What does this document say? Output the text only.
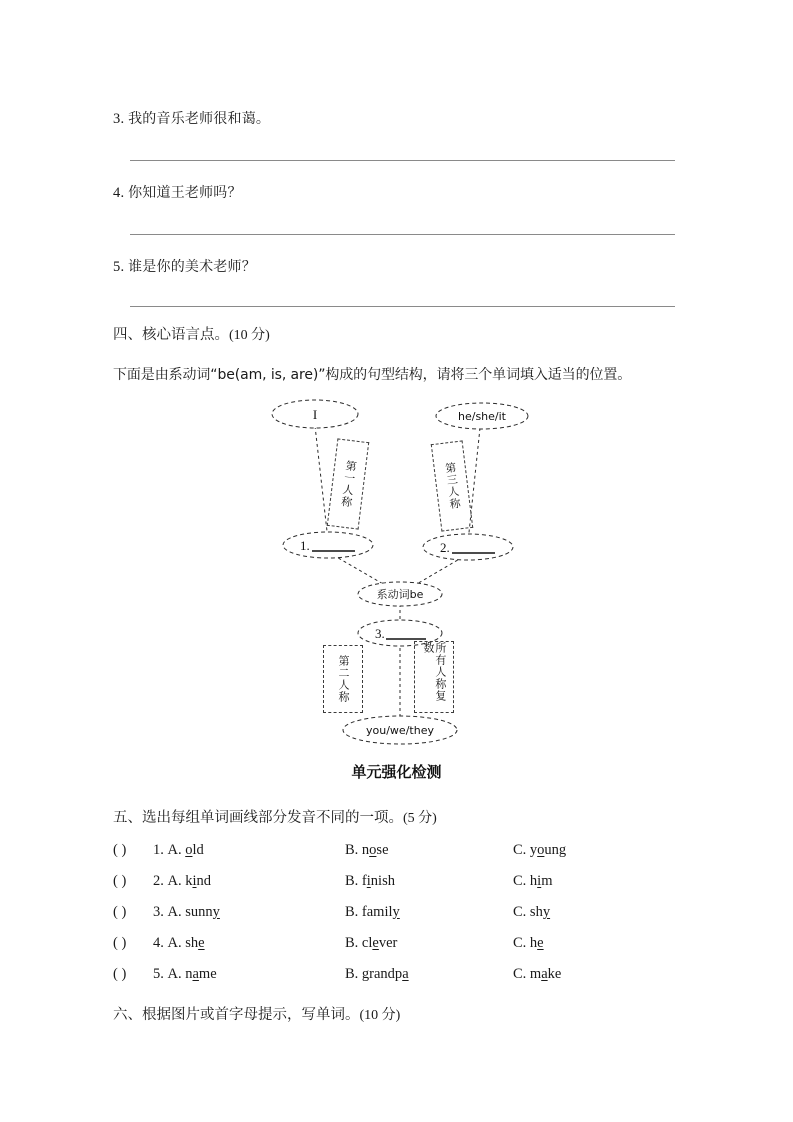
3. 我的音乐老师很和蔼。
4. 你知道王老师吗？
5. 谁是你的美术老师？
四、核心语言点。(10 分)
下面是由系动词“be(am, is, are)”构成的句型结构，请将三个单词填入适当的位置。
I	he/she/it
1.	2.
系动词be
3.
you/we/they
第一人称	第三人称
第二人称	所有人称复数
单元强化检测
五、选出每组单词画线部分发音不同的一项。(5 分)
( ) 1. A. old	B. nose	C. young
( ) 2. A. kind	B. finish	C. him
( ) 3. A. sunny	B. family	C. shy
( ) 4. A. she	B. clever	C. he
( ) 5. A. name	B. grandpa	C. make
六、根据图片或首字母提示，写单词。(10 分)
